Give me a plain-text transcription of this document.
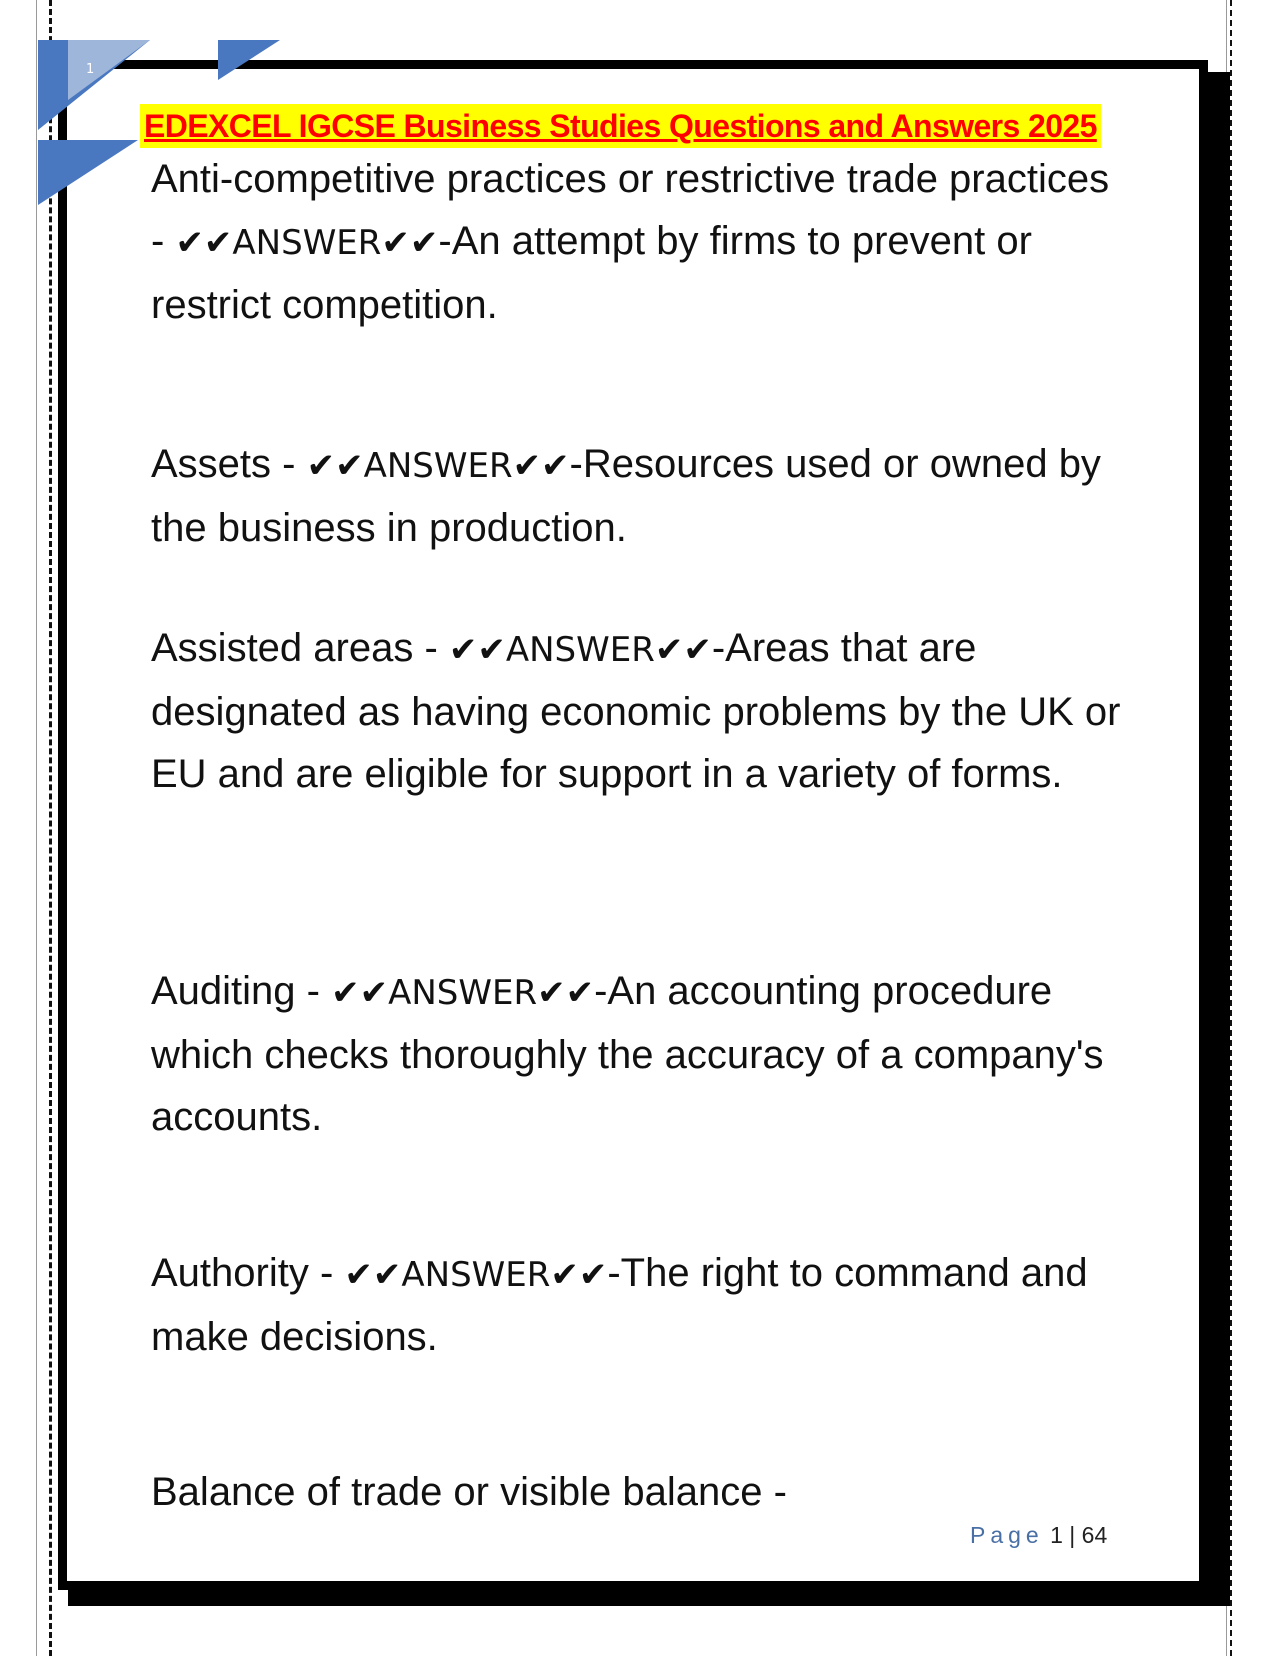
1
EDEXCEL IGCSE Business Studies Questions and Answers 2025
Anti-competitive practices or restrictive trade practices - ✔✔ANSWER✔✔-An attempt by firms to prevent or restrict competition.
Assets - ✔✔ANSWER✔✔-Resources used or owned by the business in production.
Assisted areas - ✔✔ANSWER✔✔-Areas that are designated as having economic problems by the UK or EU and are eligible for support in a variety of forms.
Auditing - ✔✔ANSWER✔✔-An accounting procedure which checks thoroughly the accuracy of a company's accounts.
Authority - ✔✔ANSWER✔✔-The right to command and make decisions.
Balance of trade or visible balance -
Page 1 | 64
